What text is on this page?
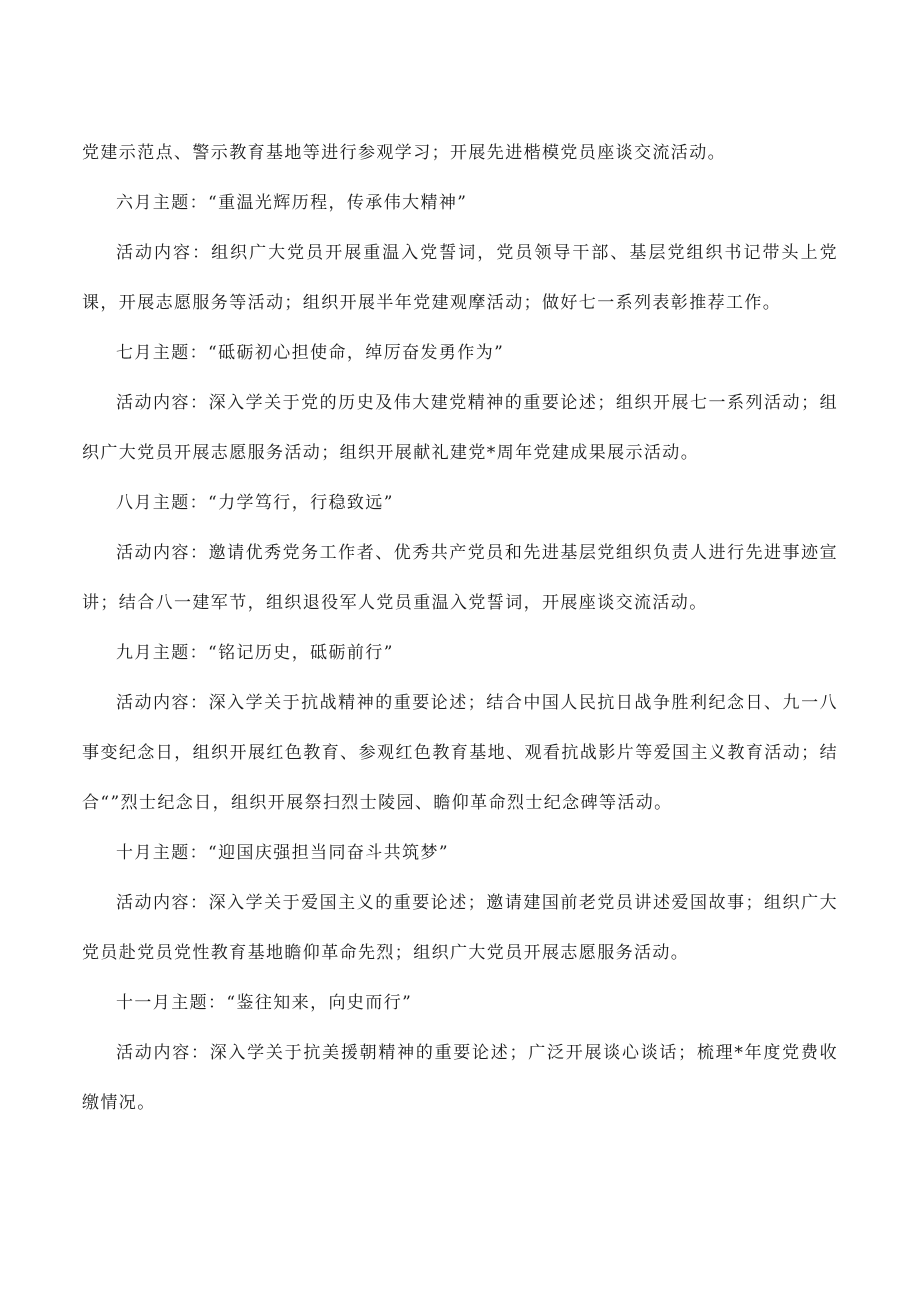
党建示范点、警示教育基地等进行参观学习；开展先进楷模党员座谈交流活动。

六月主题：“重温光辉历程，传承伟大精神”

活动内容：组织广大党员开展重温入党誓词，党员领导干部、基层党组织书记带头上党课，开展志愿服务等活动；组织开展半年党建观摩活动；做好七一系列表彰推荐工作。

七月主题：“砥砺初心担使命，绰厉奋发勇作为”

活动内容：深入学关于党的历史及伟大建党精神的重要论述；组织开展七一系列活动；组织广大党员开展志愿服务活动；组织开展献礼建党*周年党建成果展示活动。

八月主题：“力学笃行，行稳致远”

活动内容：邀请优秀党务工作者、优秀共产党员和先进基层党组织负责人进行先进事迹宣讲；结合八一建军节，组织退役军人党员重温入党誓词，开展座谈交流活动。

九月主题：“铭记历史，砥砺前行”

活动内容：深入学关于抗战精神的重要论述；结合中国人民抗日战争胜利纪念日、九一八事变纪念日，组织开展红色教育、参观红色教育基地、观看抗战影片等爱国主义教育活动；结合“”烈士纪念日，组织开展祭扫烈士陵园、瞻仰革命烈士纪念碑等活动。

十月主题：“迎国庆强担当同奋斗共筑梦”

活动内容：深入学关于爱国主义的重要论述；邀请建国前老党员讲述爱国故事；组织广大党员赴党员党性教育基地瞻仰革命先烈；组织广大党员开展志愿服务活动。

十一月主题：“鉴往知来，向史而行”

活动内容：深入学关于抗美援朝精神的重要论述；广泛开展谈心谈话；梳理*年度党费收缴情况。
